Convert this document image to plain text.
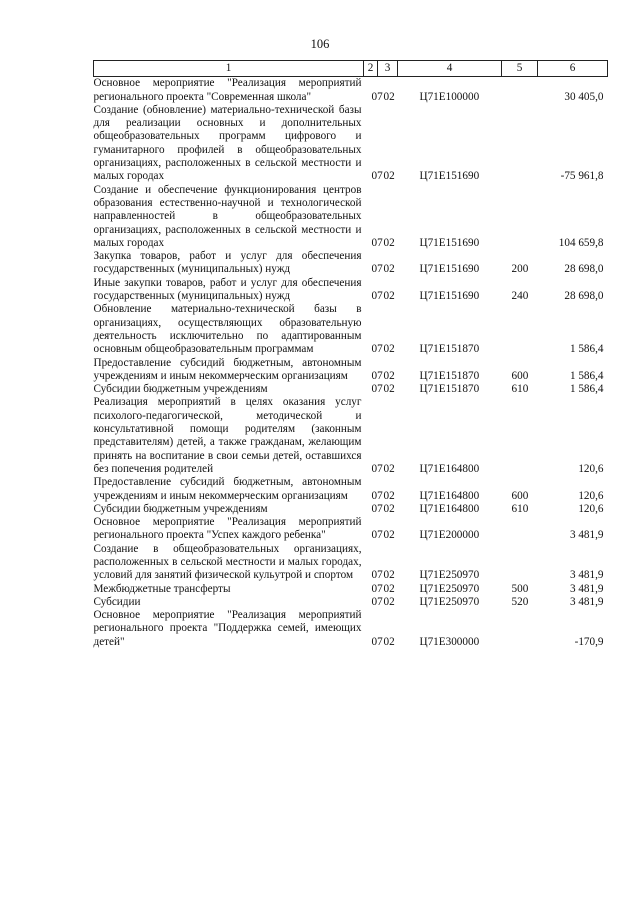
106
1	2	3	4	5	6
Основное мероприятие "Реализация мероприятий регионального проекта "Современная школа"	07	02	Ц71E100000		30 405,0
Создание (обновление) материально-технической базы для реализации основных и дополнительных общеобразовательных программ цифрового и гуманитарного профилей в общеобразовательных организациях, расположенных в сельской местности и малых городах	07	02	Ц71E151690		-75 961,8
Создание и обеспечение функционирования центров образования естественно-научной и технологической направленностей в общеобразовательных организациях, расположенных в сельской местности и малых городах	07	02	Ц71E151690		104 659,8
Закупка товаров, работ и услуг для обеспечения государственных (муниципальных) нужд	07	02	Ц71E151690	200	28 698,0
Иные закупки товаров, работ и услуг для обеспечения государственных (муниципальных) нужд	07	02	Ц71E151690	240	28 698,0
Обновление материально-технической базы в организациях, осуществляющих образовательную деятельность исключительно по адаптированным основным общеобразовательным программам	07	02	Ц71E151870		1 586,4
Предоставление субсидий бюджетным, автономным учреждениям и иным некоммерческим организациям	07	02	Ц71E151870	600	1 586,4
Субсидии бюджетным учреждениям	07	02	Ц71E151870	610	1 586,4
Реализация мероприятий в целях оказания услуг психолого-педагогической, методической и консультативной помощи родителям (законным представителям) детей, а также гражданам, желающим принять на воспитание в свои семьи детей, оставшихся без попечения родителей	07	02	Ц71E164800		120,6
Предоставление субсидий бюджетным, автономным учреждениям и иным некоммерческим организациям	07	02	Ц71E164800	600	120,6
Субсидии бюджетным учреждениям	07	02	Ц71E164800	610	120,6
Основное мероприятие "Реализация мероприятий регионального проекта "Успех каждого ребенка"	07	02	Ц71E200000		3 481,9
Создание в общеобразовательных организациях, расположенных в сельской местности и малых городах, условий для занятий физической кульутрой и спортом	07	02	Ц71E250970		3 481,9
Межбюджетные трансферты	07	02	Ц71E250970	500	3 481,9
Субсидии	07	02	Ц71E250970	520	3 481,9
Основное мероприятие "Реализация мероприятий регионального проекта "Поддержка семей, имеющих детей"	07	02	Ц71E300000		-170,9
